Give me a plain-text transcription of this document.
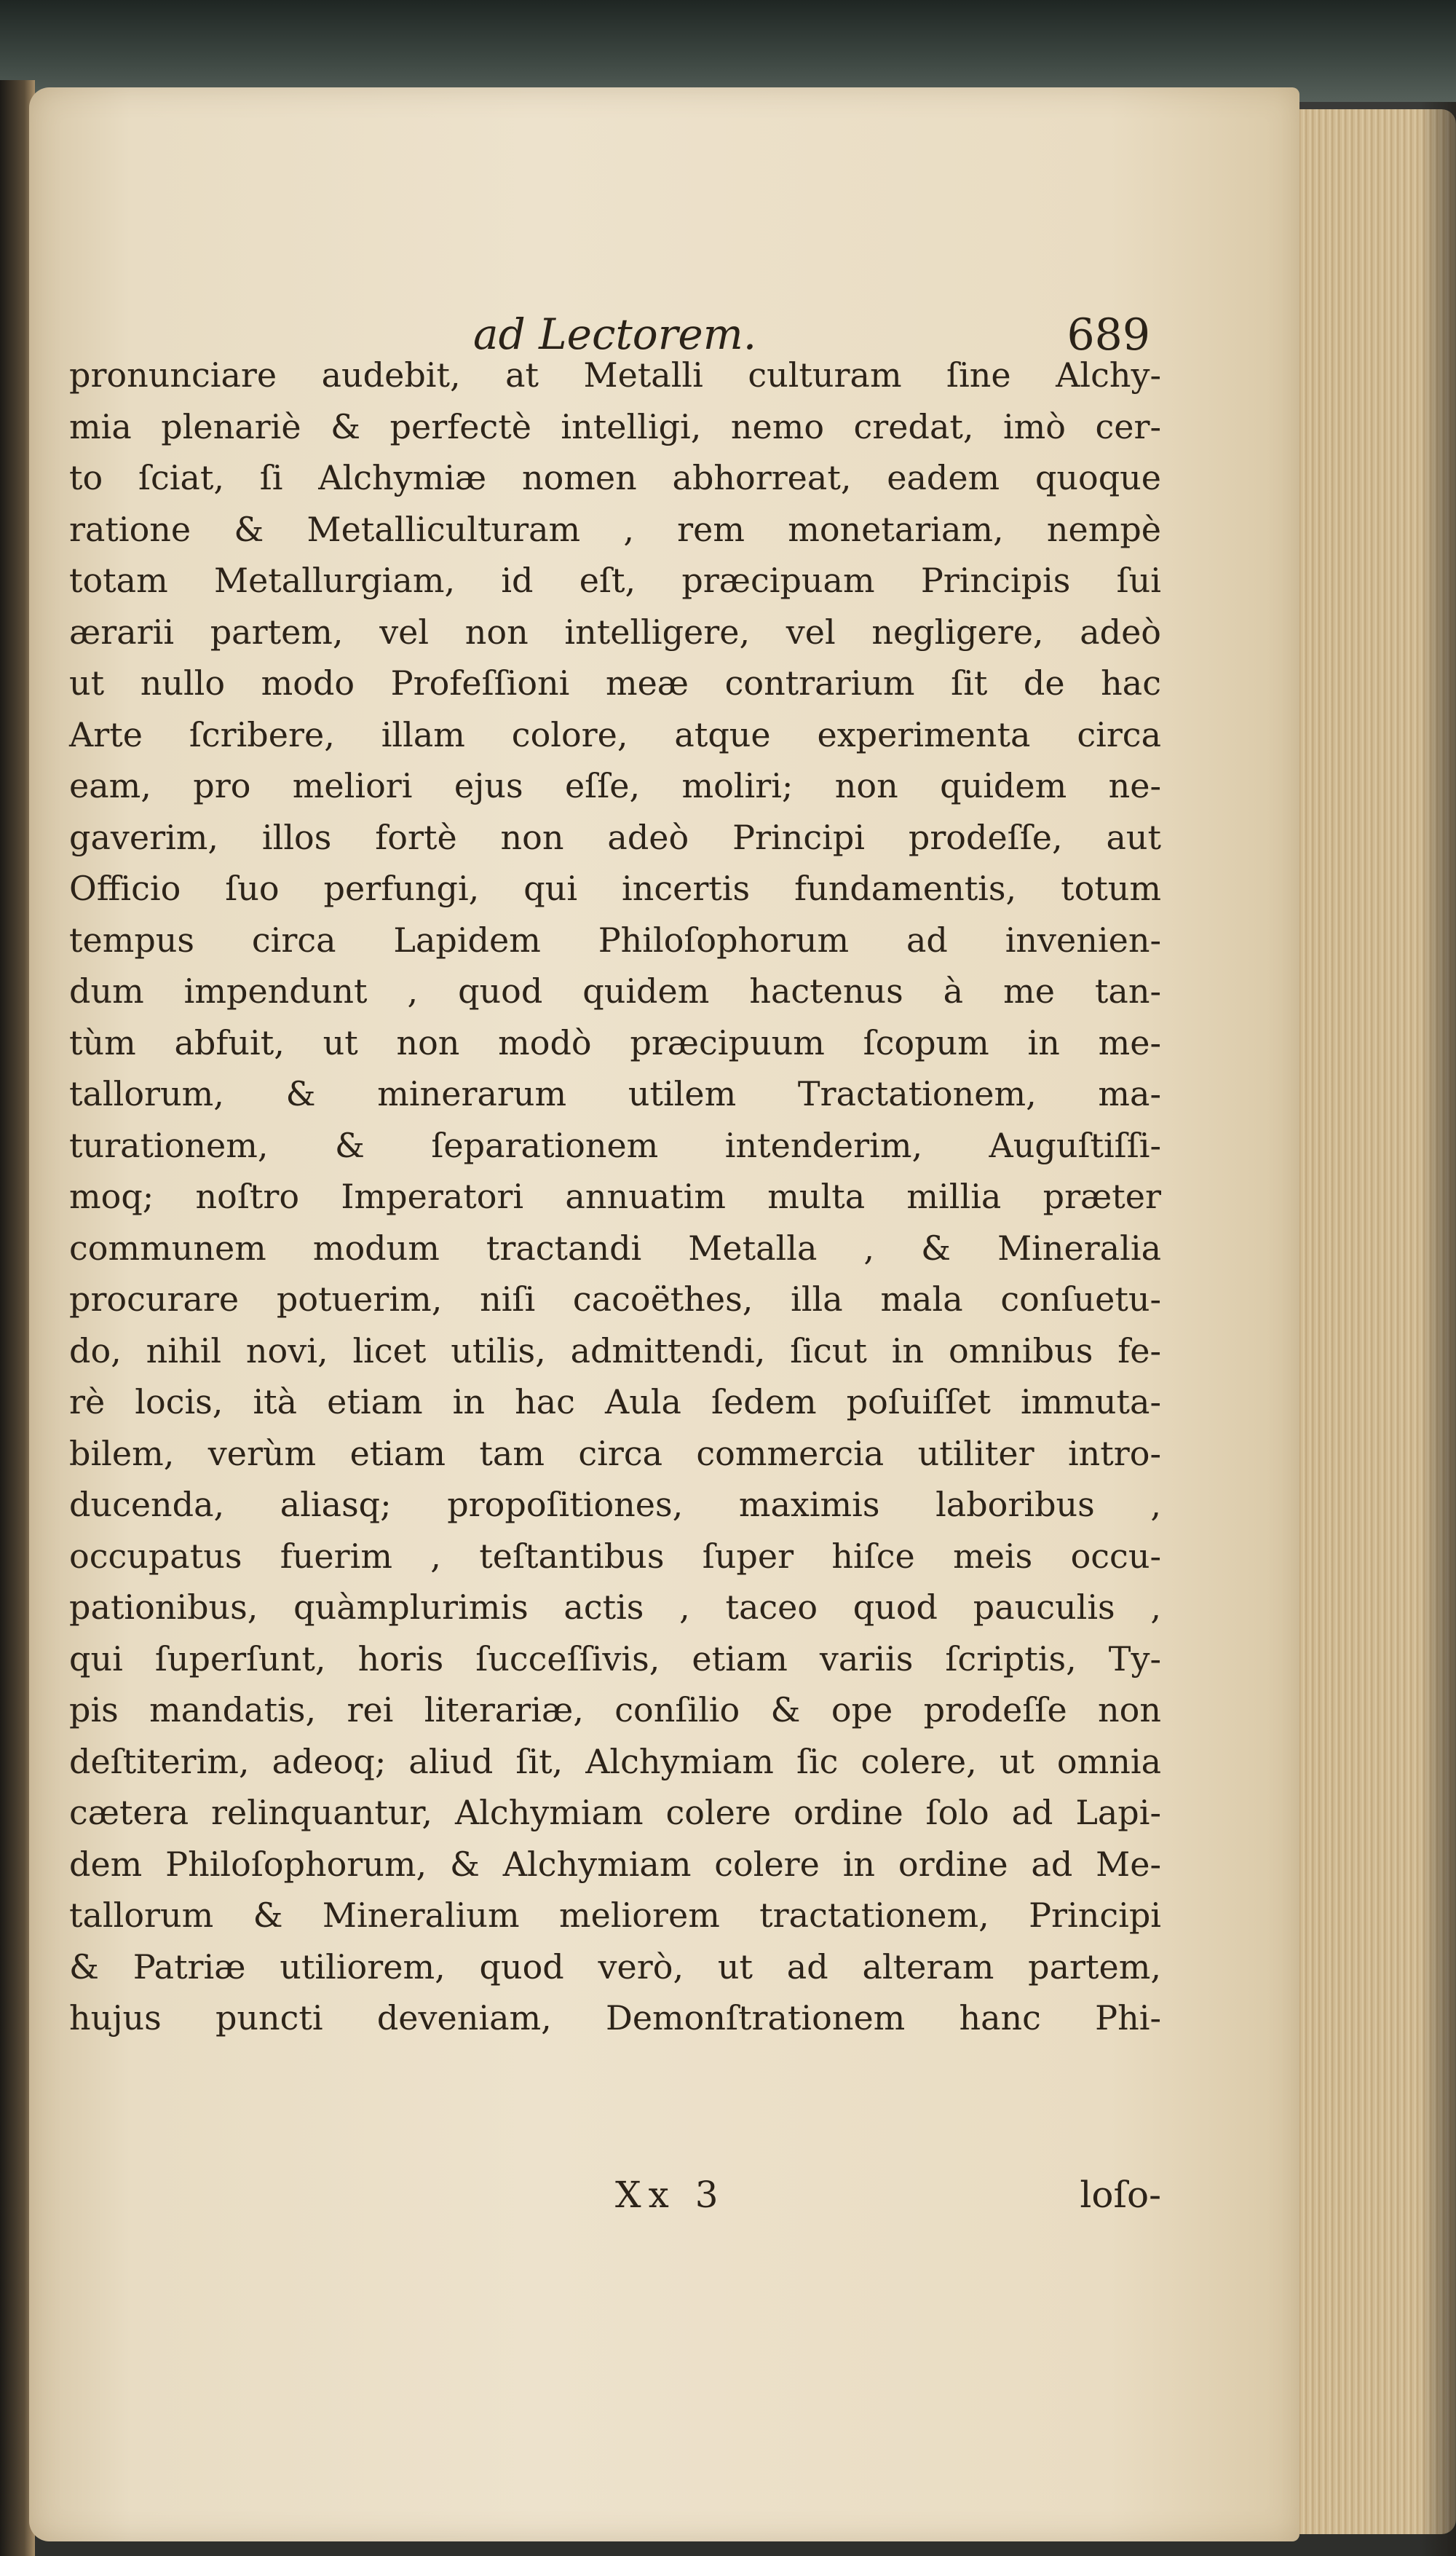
ad Lectorem.	689
pronunciare audebit, at Metalli culturam ſine Alchy-
mia plenariè & perfectè intelligi, nemo credat, imò cer-
to ſciat, ſi Alchymiæ nomen abhorreat, eadem quoque
ratione & Metalliculturam , rem monetariam, nempè
totam Metallurgiam, id eſt, præcipuam Principis ſui
ærarii partem, vel non intelligere, vel negligere, adeò
ut nullo modo Profeſſioni meæ contrarium ſit de hac
Arte ſcribere, illam colore, atque experimenta circa
eam, pro meliori ejus eſſe, moliri; non quidem ne-
gaverim, illos fortè non adeò Principi prodeſſe, aut
Officio ſuo perfungi, qui incertis fundamentis, totum
tempus circa Lapidem Philoſophorum ad invenien-
dum impendunt , quod quidem hactenus à me tan-
tùm abfuit, ut non modò præcipuum ſcopum in me-
tallorum, & minerarum utilem Tractationem, ma-
turationem, & ſeparationem intenderim, Auguſtiſſi-
moq; noſtro Imperatori annuatim multa millia præter
communem modum tractandi Metalla , & Mineralia
procurare potuerim, niſi cacoëthes, illa mala conſuetu-
do, nihil novi, licet utilis, admittendi, ſicut in omnibus fe-
rè locis, ità etiam in hac Aula ſedem poſuiſſet immuta-
bilem, verùm etiam tam circa commercia utiliter intro-
ducenda, aliasq; propoſitiones, maximis laboribus ,
occupatus fuerim , teſtantibus ſuper hiſce meis occu-
pationibus, quàmplurimis actis , taceo quod pauculis ,
qui ſuperſunt, horis ſucceſſivis, etiam variis ſcriptis, Ty-
pis mandatis, rei literariæ, conſilio & ope prodeſſe non
deſtiterim, adeoq; aliud ſit, Alchymiam ſic colere, ut omnia
cætera relinquantur, Alchymiam colere ordine ſolo ad Lapi-
dem Philoſophorum, & Alchymiam colere in ordine ad Me-
tallorum & Mineralium meliorem tractationem, Principi
& Patriæ utiliorem, quod verò, ut ad alteram partem,
hujus puncti deveniam, Demonſtrationem hanc Phi-
Xx 3	loſo-
